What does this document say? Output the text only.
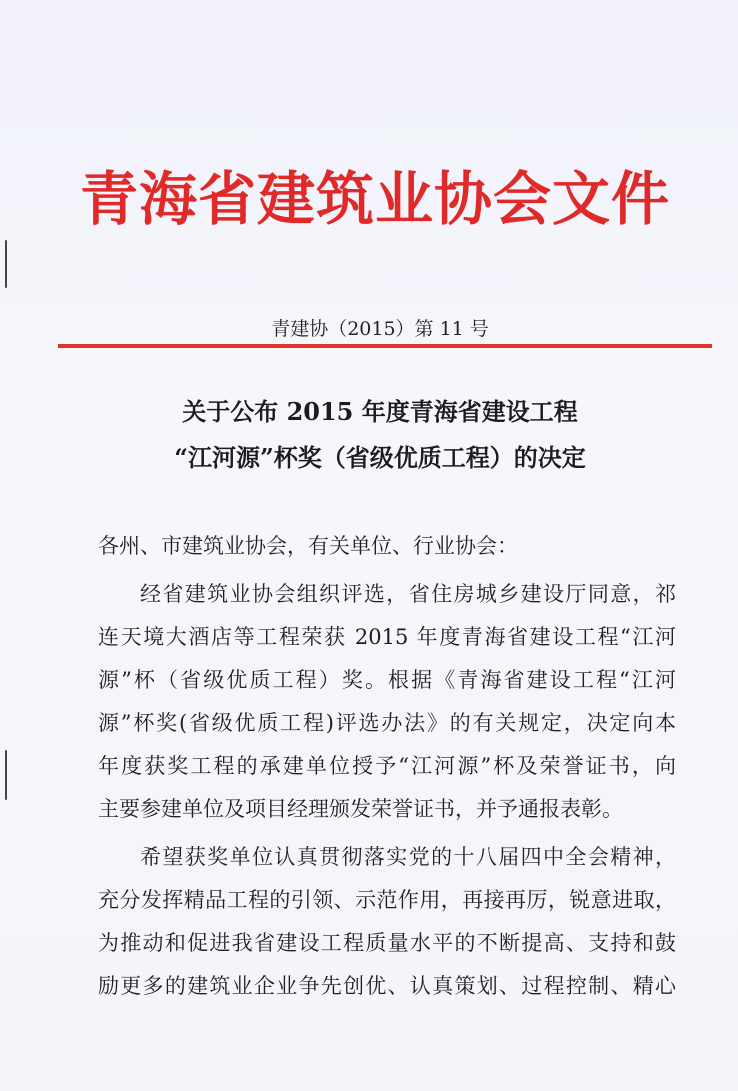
青海省建筑业协会文件
青建协（2015）第 11 号
关于公布 2015 年度青海省建设工程
“江河源”杯奖（省级优质工程）的决定
各州、市建筑业协会，有关单位、行业协会：
经省建筑业协会组织评选，省住房城乡建设厅同意，祁
连天境大酒店等工程荣获 2015 年度青海省建设工程“江河
源”杯（省级优质工程）奖。根据《青海省建设工程“江河
源”杯奖(省级优质工程)评选办法》的有关规定，决定向本
年度获奖工程的承建单位授予“江河源”杯及荣誉证书，向
主要参建单位及项目经理颁发荣誉证书，并予通报表彰。
希望获奖单位认真贯彻落实党的十八届四中全会精神，
充分发挥精品工程的引领、示范作用，再接再厉，锐意进取，
为推动和促进我省建设工程质量水平的不断提高、支持和鼓
励更多的建筑业企业争先创优、认真策划、过程控制、精心
